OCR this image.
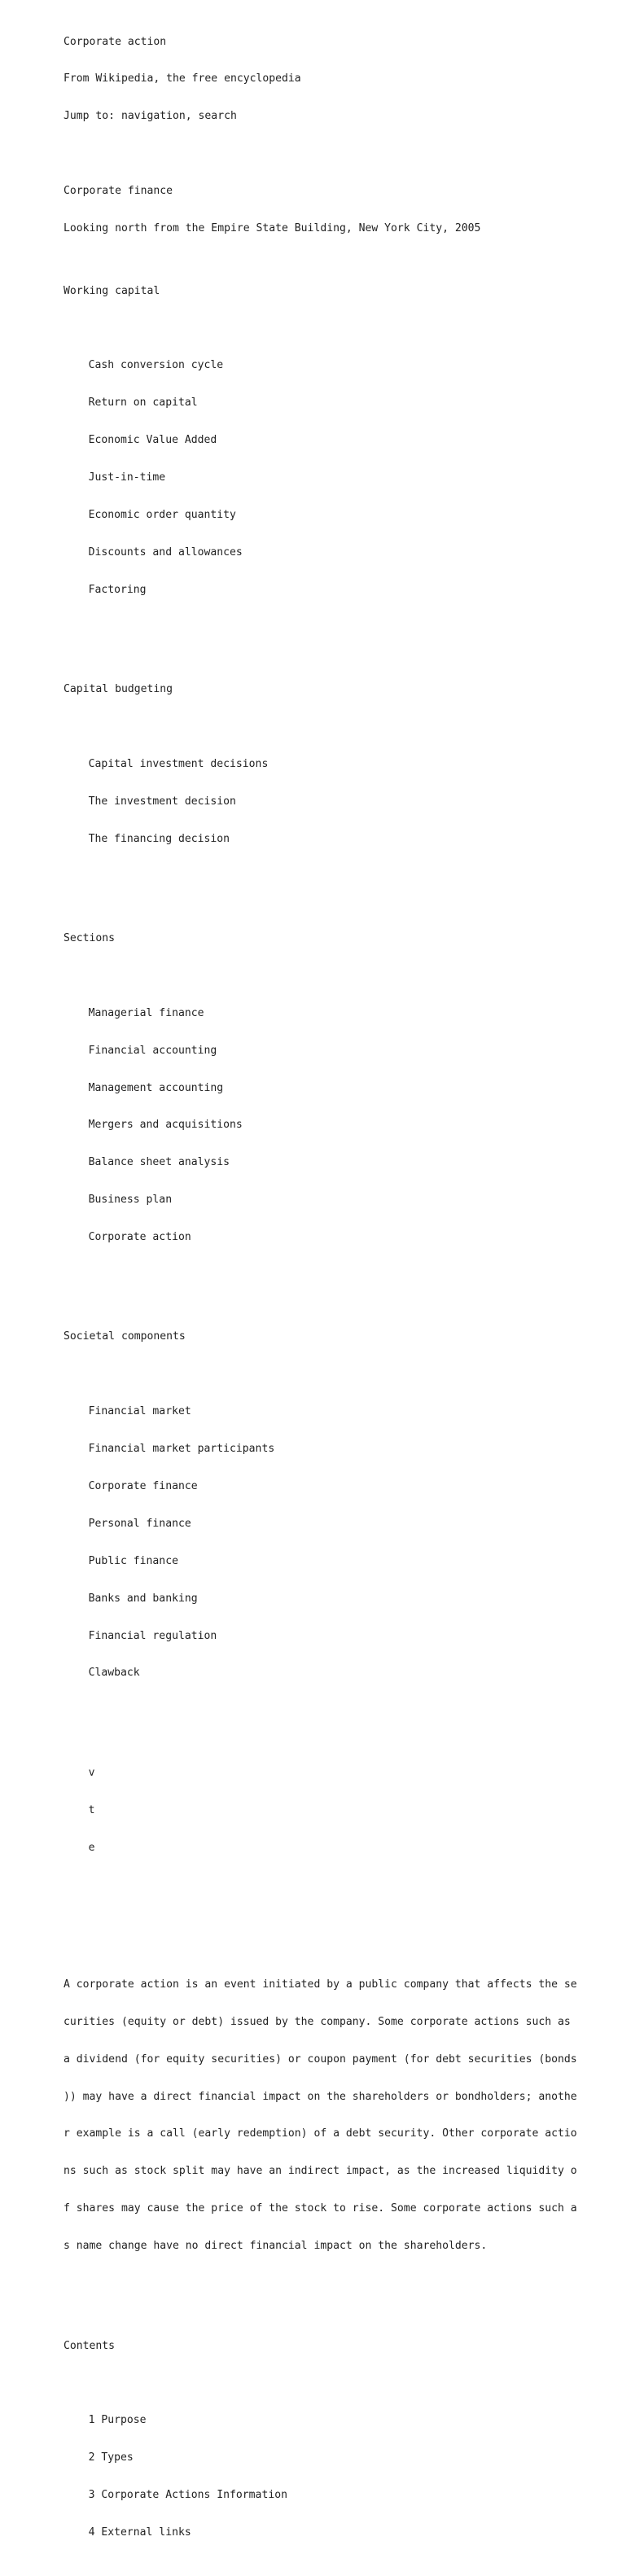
Corporate action

From Wikipedia, the free encyclopedia

Jump to: navigation, search

Corporate finance

Looking north from the Empire State Building, New York City, 2005

Working capital

Cash conversion cycle

Return on capital

Economic Value Added

Just-in-time

Economic order quantity

Discounts and allowances

Factoring

Capital budgeting

Capital investment decisions

The investment decision

The financing decision

Sections

Managerial finance

Financial accounting

Management accounting

Mergers and acquisitions

Balance sheet analysis

Business plan

Corporate action

Societal components

Financial market

Financial market participants

Corporate finance

Personal finance

Public finance

Banks and banking

Financial regulation

Clawback

v

t

e

A corporate action is an event initiated by a public company that affects the se

curities (equity or debt) issued by the company. Some corporate actions such as

a dividend (for equity securities) or coupon payment (for debt securities (bonds

)) may have a direct financial impact on the shareholders or bondholders; anothe

r example is a call (early redemption) of a debt security. Other corporate actio

ns such as stock split may have an indirect impact, as the increased liquidity o

f shares may cause the price of the stock to rise. Some corporate actions such a

s name change have no direct financial impact on the shareholders.

Contents

1 Purpose

2 Types

3 Corporate Actions Information

4 External links
